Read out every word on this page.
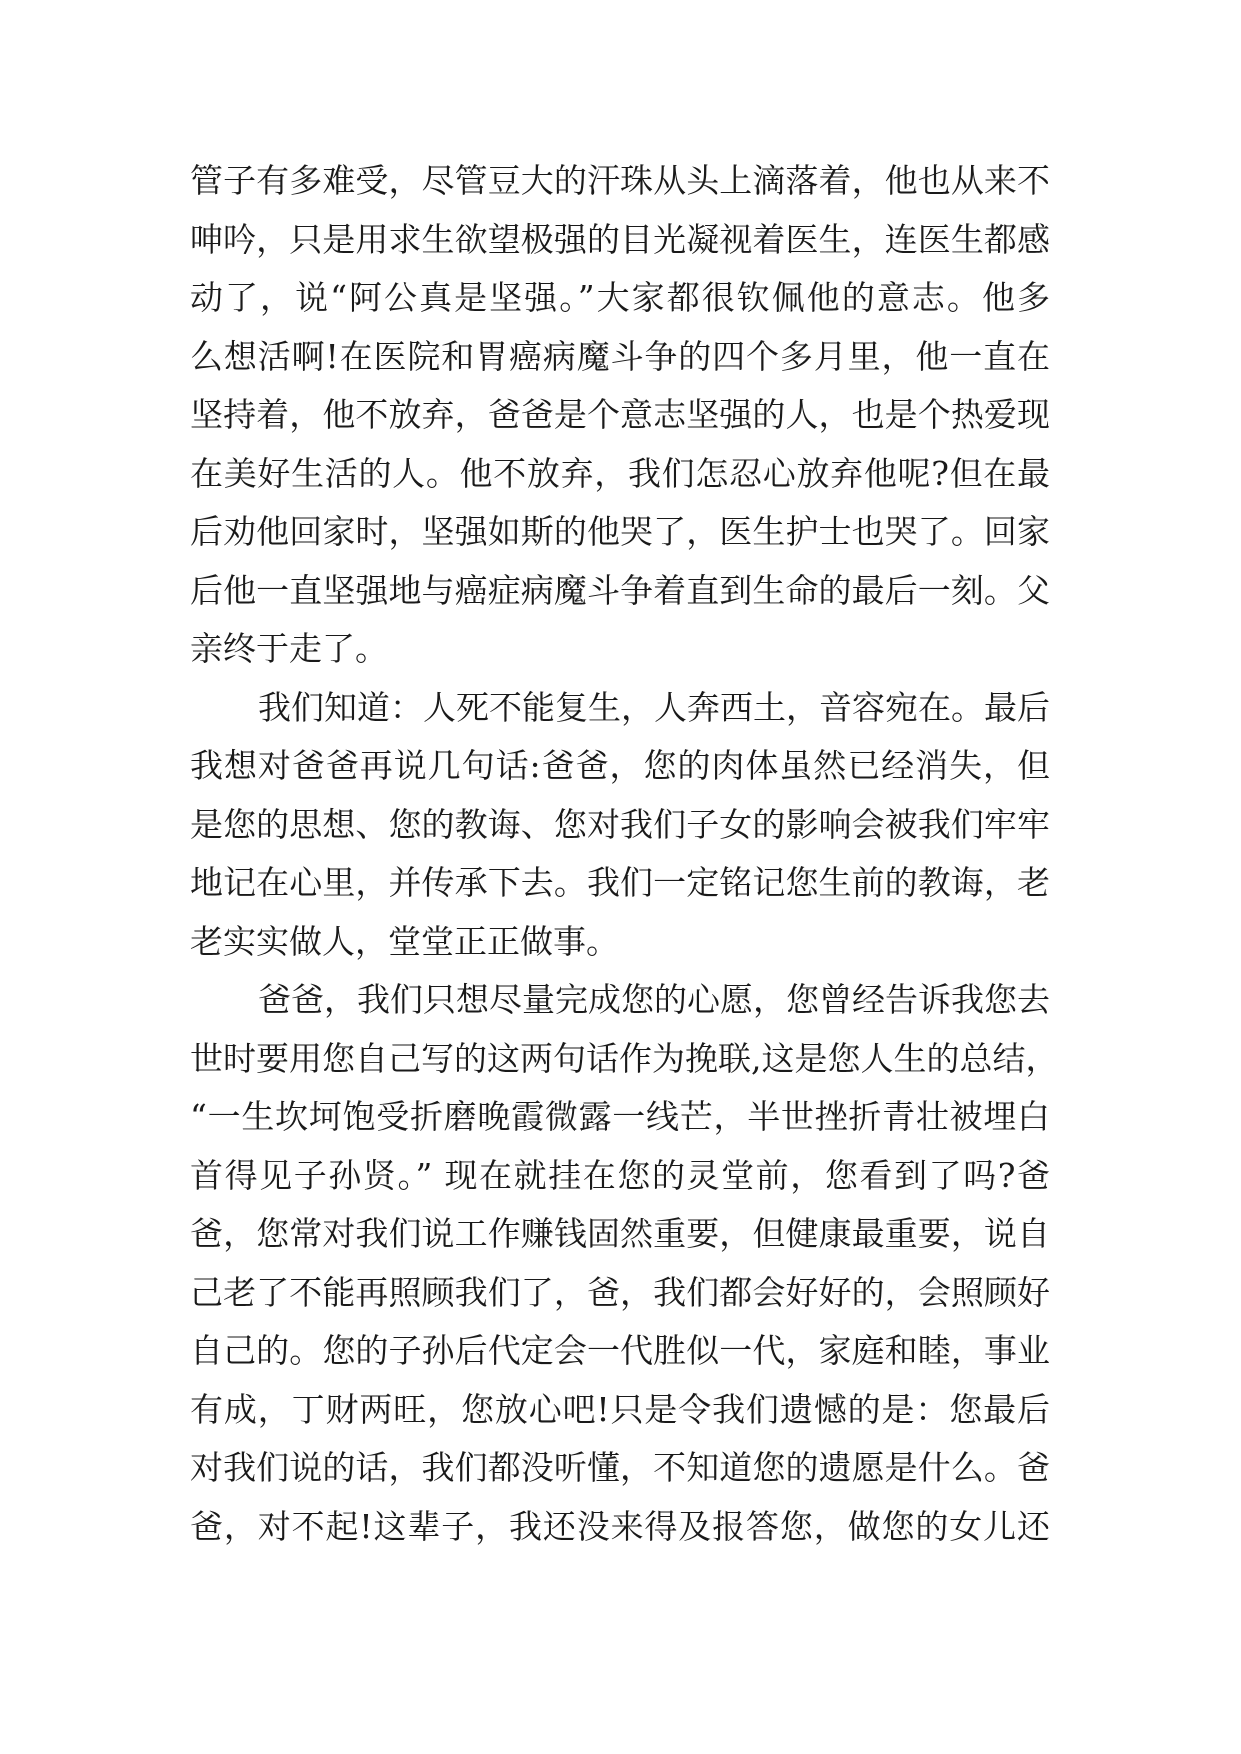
管子有多难受，尽管豆大的汗珠从头上滴落着，他也从来不
呻吟，只是用求生欲望极强的目光凝视着医生，连医生都感
动了，说“阿公真是坚强。”大家都很钦佩他的意志。他多
么想活啊!在医院和胃癌病魔斗争的四个多月里，他一直在
坚持着，他不放弃，爸爸是个意志坚强的人，也是个热爱现
在美好生活的人。他不放弃，我们怎忍心放弃他呢?但在最
后劝他回家时，坚强如斯的他哭了，医生护士也哭了。回家
后他一直坚强地与癌症病魔斗争着直到生命的最后一刻。父
亲终于走了。
我们知道：人死不能复生，人奔西土，音容宛在。最后
我想对爸爸再说几句话:爸爸，您的肉体虽然已经消失，但
是您的思想、您的教诲、您对我们子女的影响会被我们牢牢
地记在心里，并传承下去。我们一定铭记您生前的教诲，老
老实实做人，堂堂正正做事。
爸爸，我们只想尽量完成您的心愿，您曾经告诉我您去
世时要用您自己写的这两句话作为挽联,这是您人生的总结，
“一生坎坷饱受折磨晚霞微露一线芒，半世挫折青壮被埋白
首得见子孙贤。” 现在就挂在您的灵堂前，您看到了吗?爸
爸，您常对我们说工作赚钱固然重要，但健康最重要，说自
己老了不能再照顾我们了，爸，我们都会好好的，会照顾好
自己的。您的子孙后代定会一代胜似一代，家庭和睦，事业
有成，丁财两旺，您放心吧!只是令我们遗憾的是：您最后
对我们说的话，我们都没听懂，不知道您的遗愿是什么。爸
爸，对不起!这辈子，我还没来得及报答您，做您的女儿还
